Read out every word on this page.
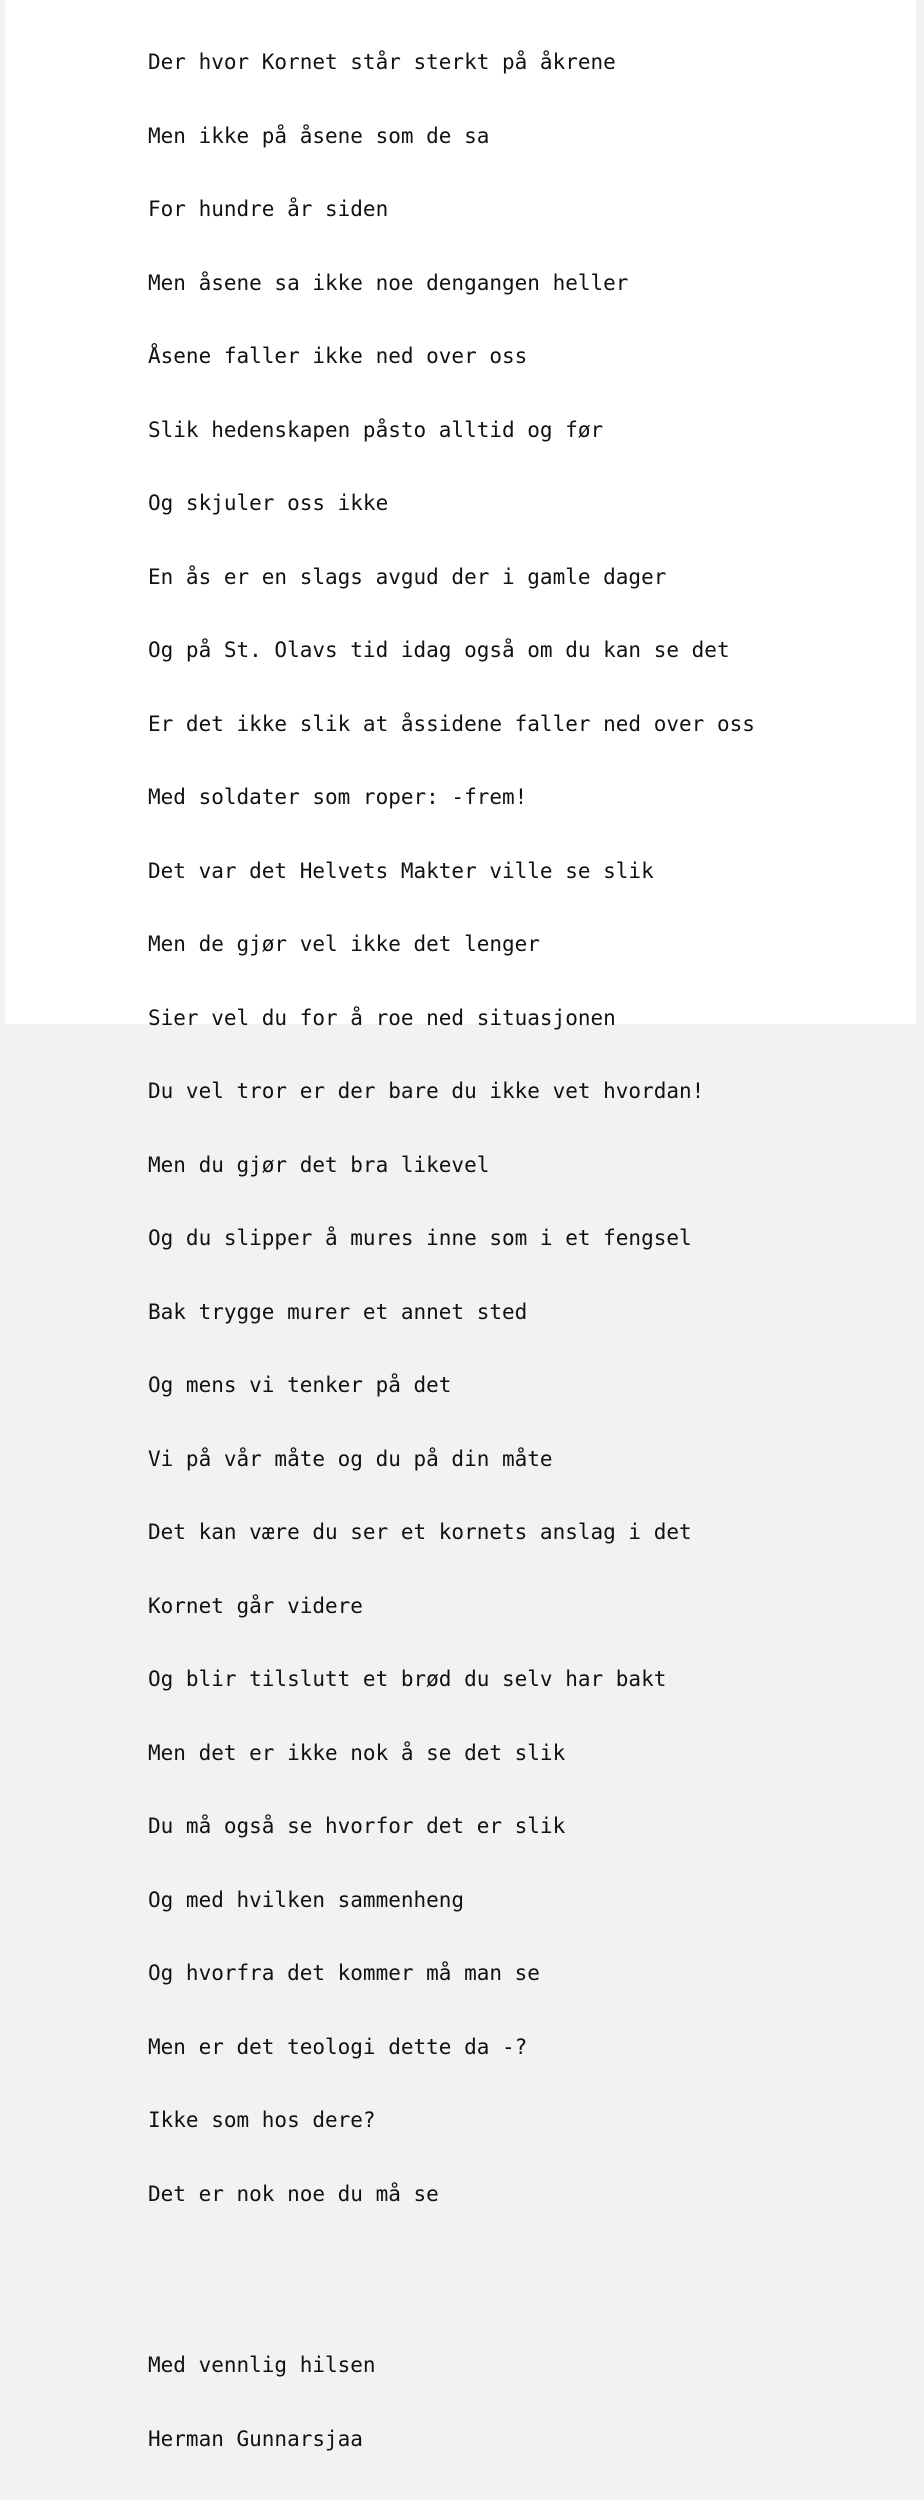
Der hvor Kornet står sterkt på åkrene

Men ikke på åsene som de sa

For hundre år siden

Men åsene sa ikke noe dengangen heller

Åsene faller ikke ned over oss

Slik hedenskapen påsto alltid og før

Og skjuler oss ikke

En ås er en slags avgud der i gamle dager

Og på St. Olavs tid idag også om du kan se det

Er det ikke slik at åssidene faller ned over oss

Med soldater som roper: -frem!

Det var det Helvets Makter ville se slik

Men de gjør vel ikke det lenger

Sier vel du for å roe ned situasjonen

Du vel tror er der bare du ikke vet hvordan!

Men du gjør det bra likevel

Og du slipper å mures inne som i et fengsel

Bak trygge murer et annet sted

Og mens vi tenker på det

Vi på vår måte og du på din måte

Det kan være du ser et kornets anslag i det

Kornet går videre

Og blir tilslutt et brød du selv har bakt

Men det er ikke nok å se det slik

Du må også se hvorfor det er slik

Og med hvilken sammenheng

Og hvorfra det kommer må man se

Men er det teologi dette da -?

Ikke som hos dere?

Det er nok noe du må se

Med vennlig hilsen

Herman Gunnarsjaa
